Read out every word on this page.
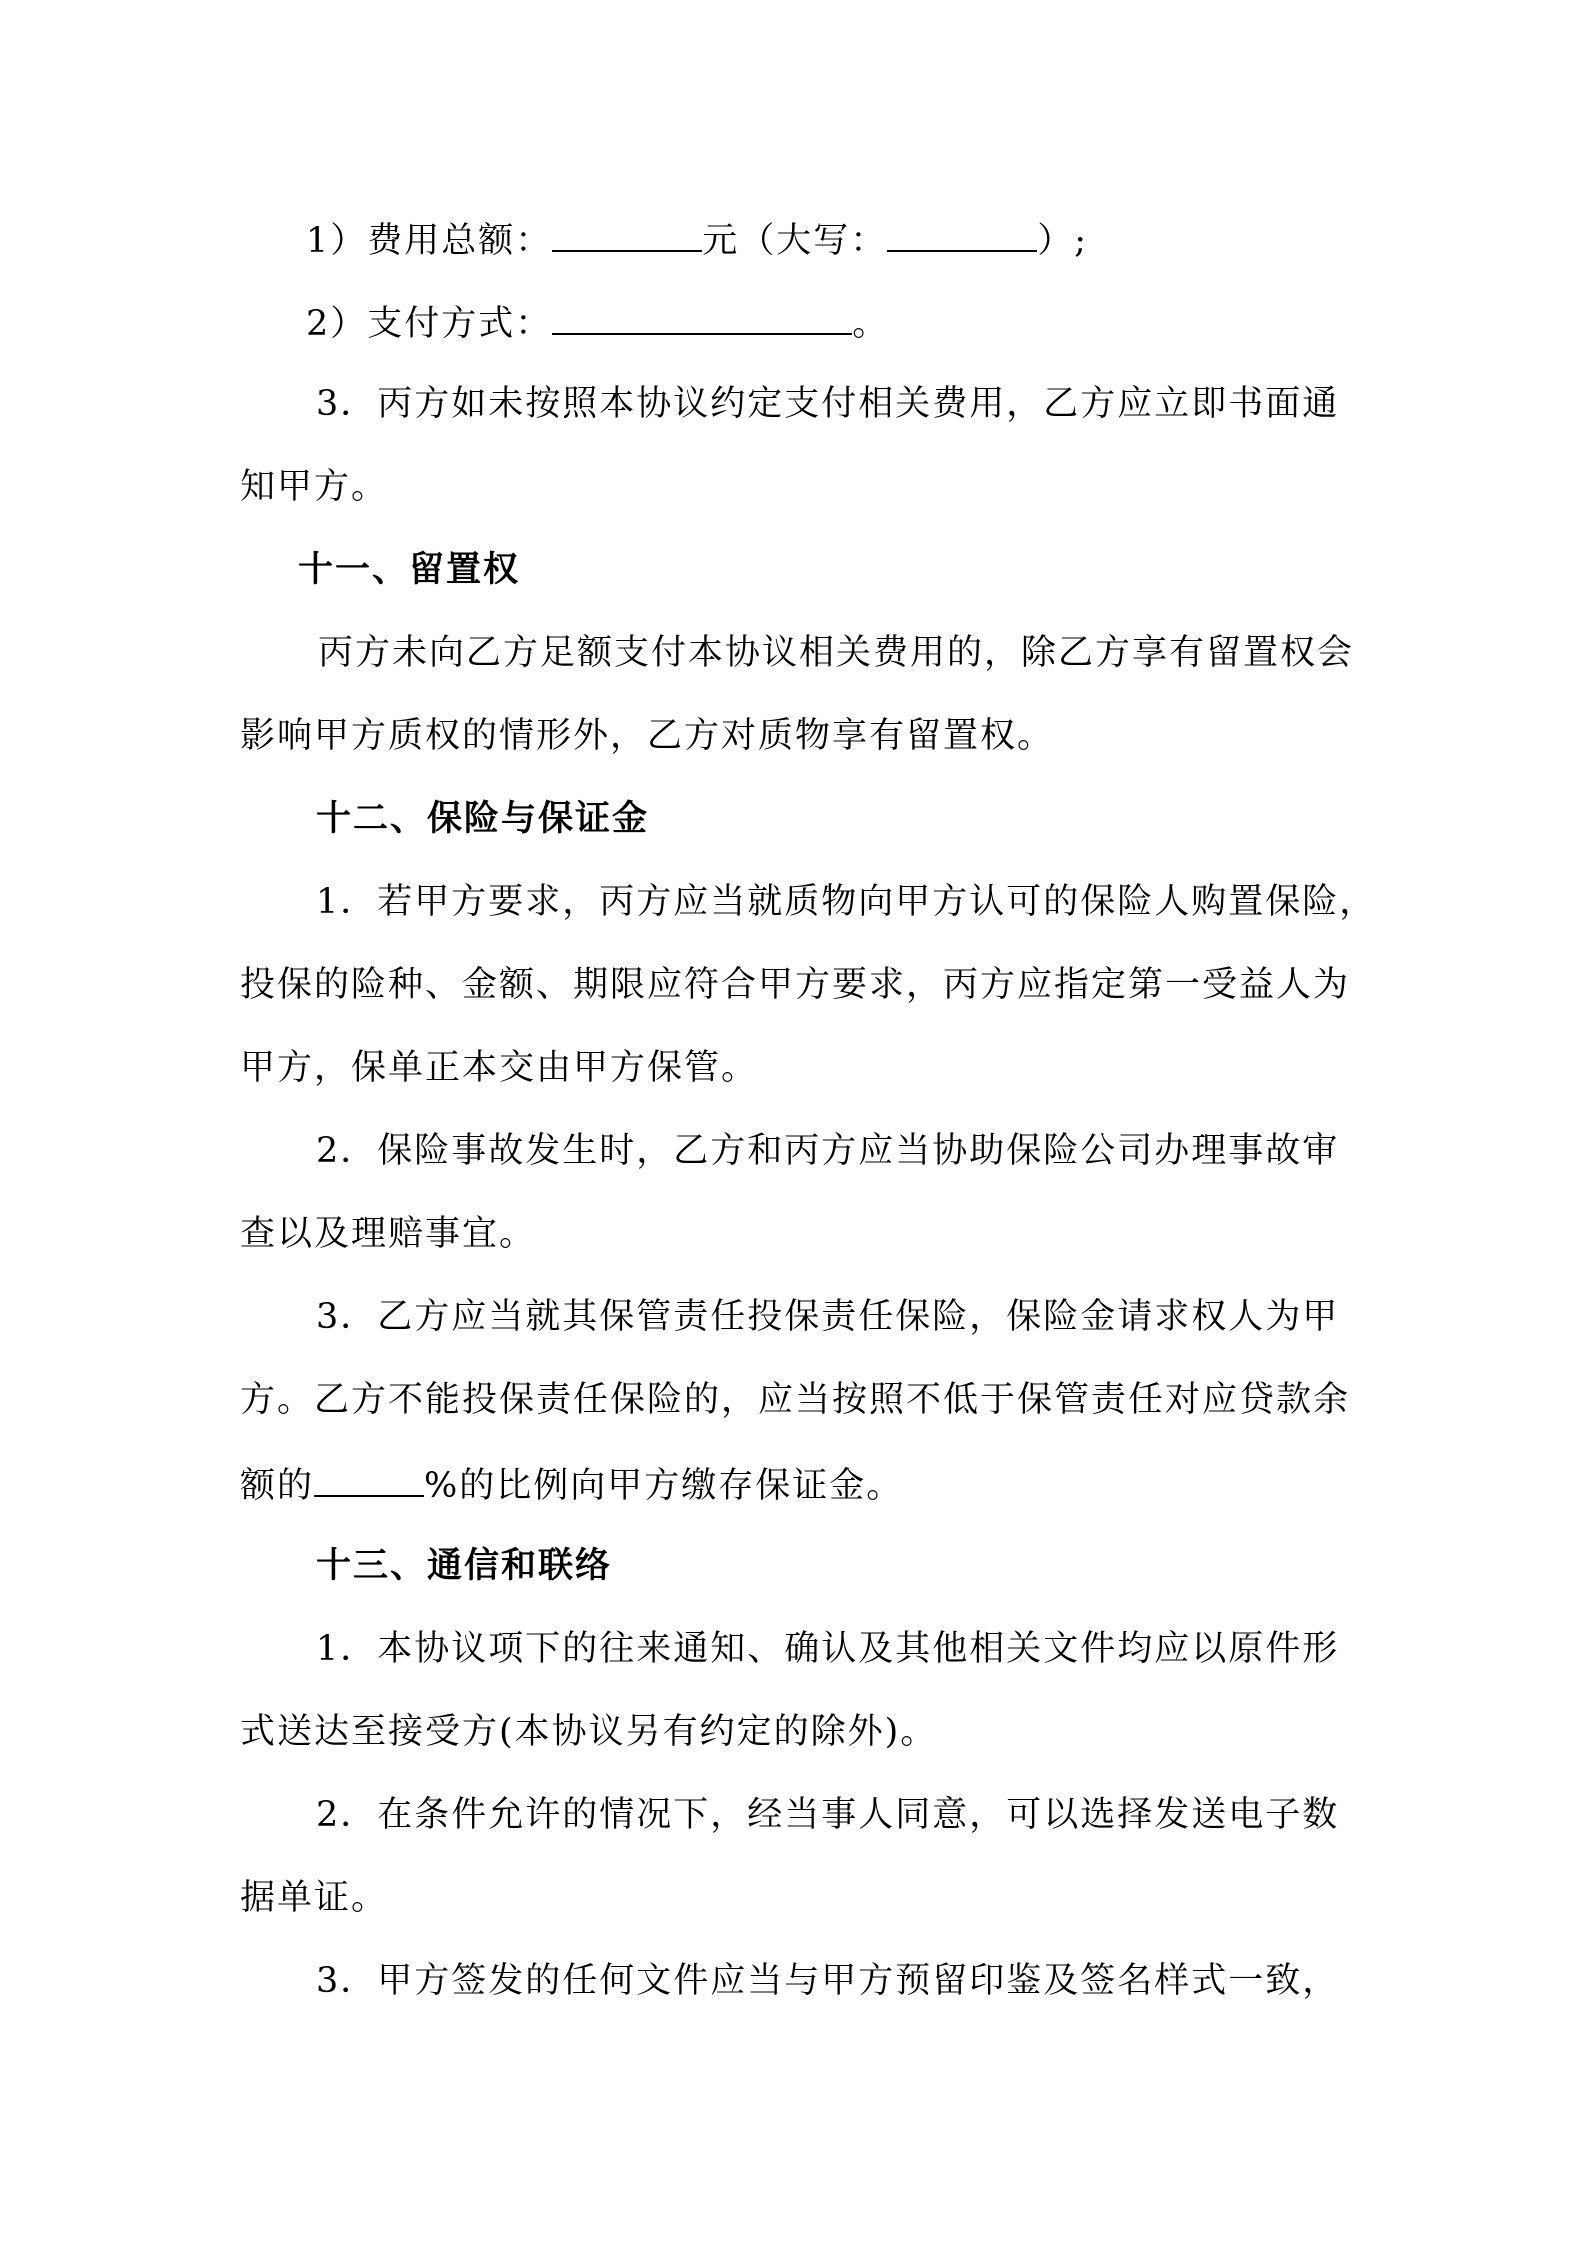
1）费用总额：	元（大写：	）;
2）支付方式：	。
3．丙方如未按照本协议约定支付相关费用，乙方应立即书面通
知甲方。
十一、留置权
丙方未向乙方足额支付本协议相关费用的，除乙方享有留置权会
影响甲方质权的情形外，乙方对质物享有留置权。
十二、保险与保证金
1．若甲方要求，丙方应当就质物向甲方认可的保险人购置保险，
投保的险种、金额、期限应符合甲方要求，丙方应指定第一受益人为
甲方，保单正本交由甲方保管。
2．保险事故发生时，乙方和丙方应当协助保险公司办理事故审
查以及理赔事宜。
3．乙方应当就其保管责任投保责任保险，保险金请求权人为甲
方。乙方不能投保责任保险的，应当按照不低于保管责任对应贷款余
额的	%的比例向甲方缴存保证金。
十三、通信和联络
1．本协议项下的往来通知、确认及其他相关文件均应以原件形
式送达至接受方(本协议另有约定的除外)。
2．在条件允许的情况下，经当事人同意，可以选择发送电子数
据单证。
3．甲方签发的任何文件应当与甲方预留印鉴及签名样式一致，
